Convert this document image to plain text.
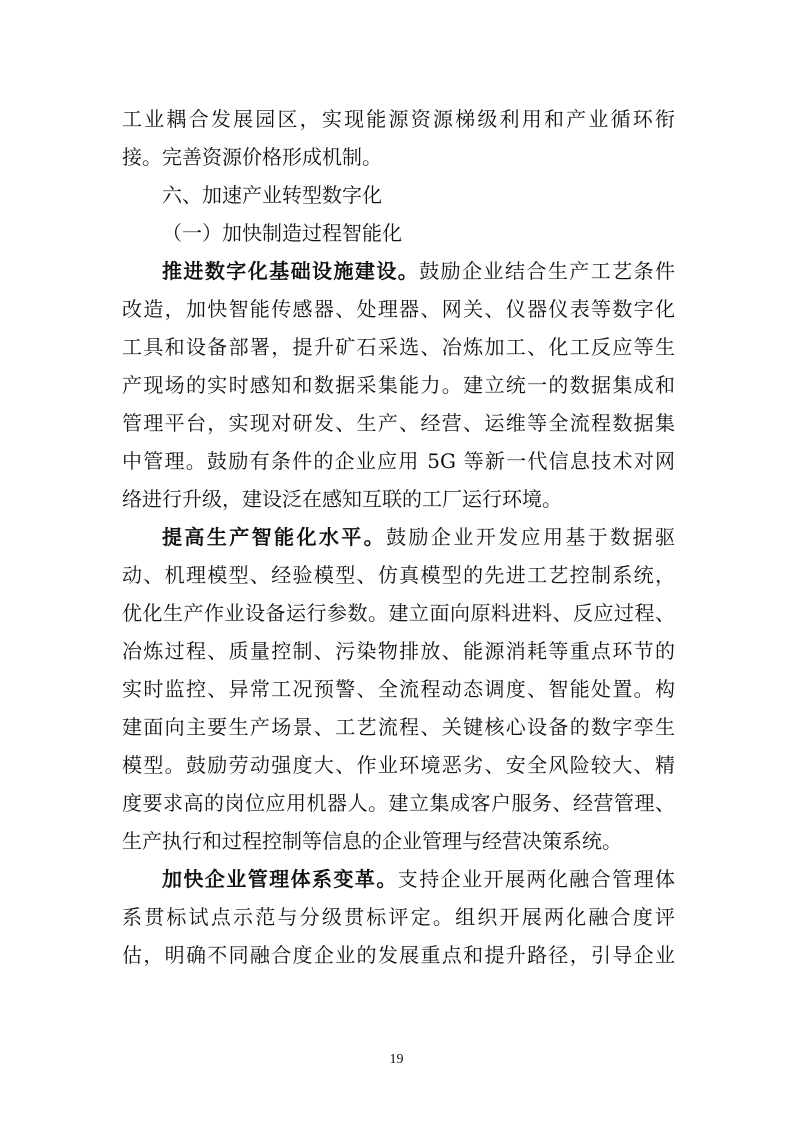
工业耦合发展园区，实现能源资源梯级利用和产业循环衔
接。完善资源价格形成机制。
六、加速产业转型数字化
（一）加快制造过程智能化
推进数字化基础设施建设。鼓励企业结合生产工艺条件
改造，加快智能传感器、处理器、网关、仪器仪表等数字化
工具和设备部署，提升矿石采选、冶炼加工、化工反应等生
产现场的实时感知和数据采集能力。建立统一的数据集成和
管理平台，实现对研发、生产、经营、运维等全流程数据集
中管理。鼓励有条件的企业应用 5G 等新一代信息技术对网
络进行升级，建设泛在感知互联的工厂运行环境。
提高生产智能化水平。鼓励企业开发应用基于数据驱
动、机理模型、经验模型、仿真模型的先进工艺控制系统，
优化生产作业设备运行参数。建立面向原料进料、反应过程、
冶炼过程、质量控制、污染物排放、能源消耗等重点环节的
实时监控、异常工况预警、全流程动态调度、智能处置。构
建面向主要生产场景、工艺流程、关键核心设备的数字孪生
模型。鼓励劳动强度大、作业环境恶劣、安全风险较大、精
度要求高的岗位应用机器人。建立集成客户服务、经营管理、
生产执行和过程控制等信息的企业管理与经营决策系统。
加快企业管理体系变革。支持企业开展两化融合管理体
系贯标试点示范与分级贯标评定。组织开展两化融合度评
估，明确不同融合度企业的发展重点和提升路径，引导企业
19
